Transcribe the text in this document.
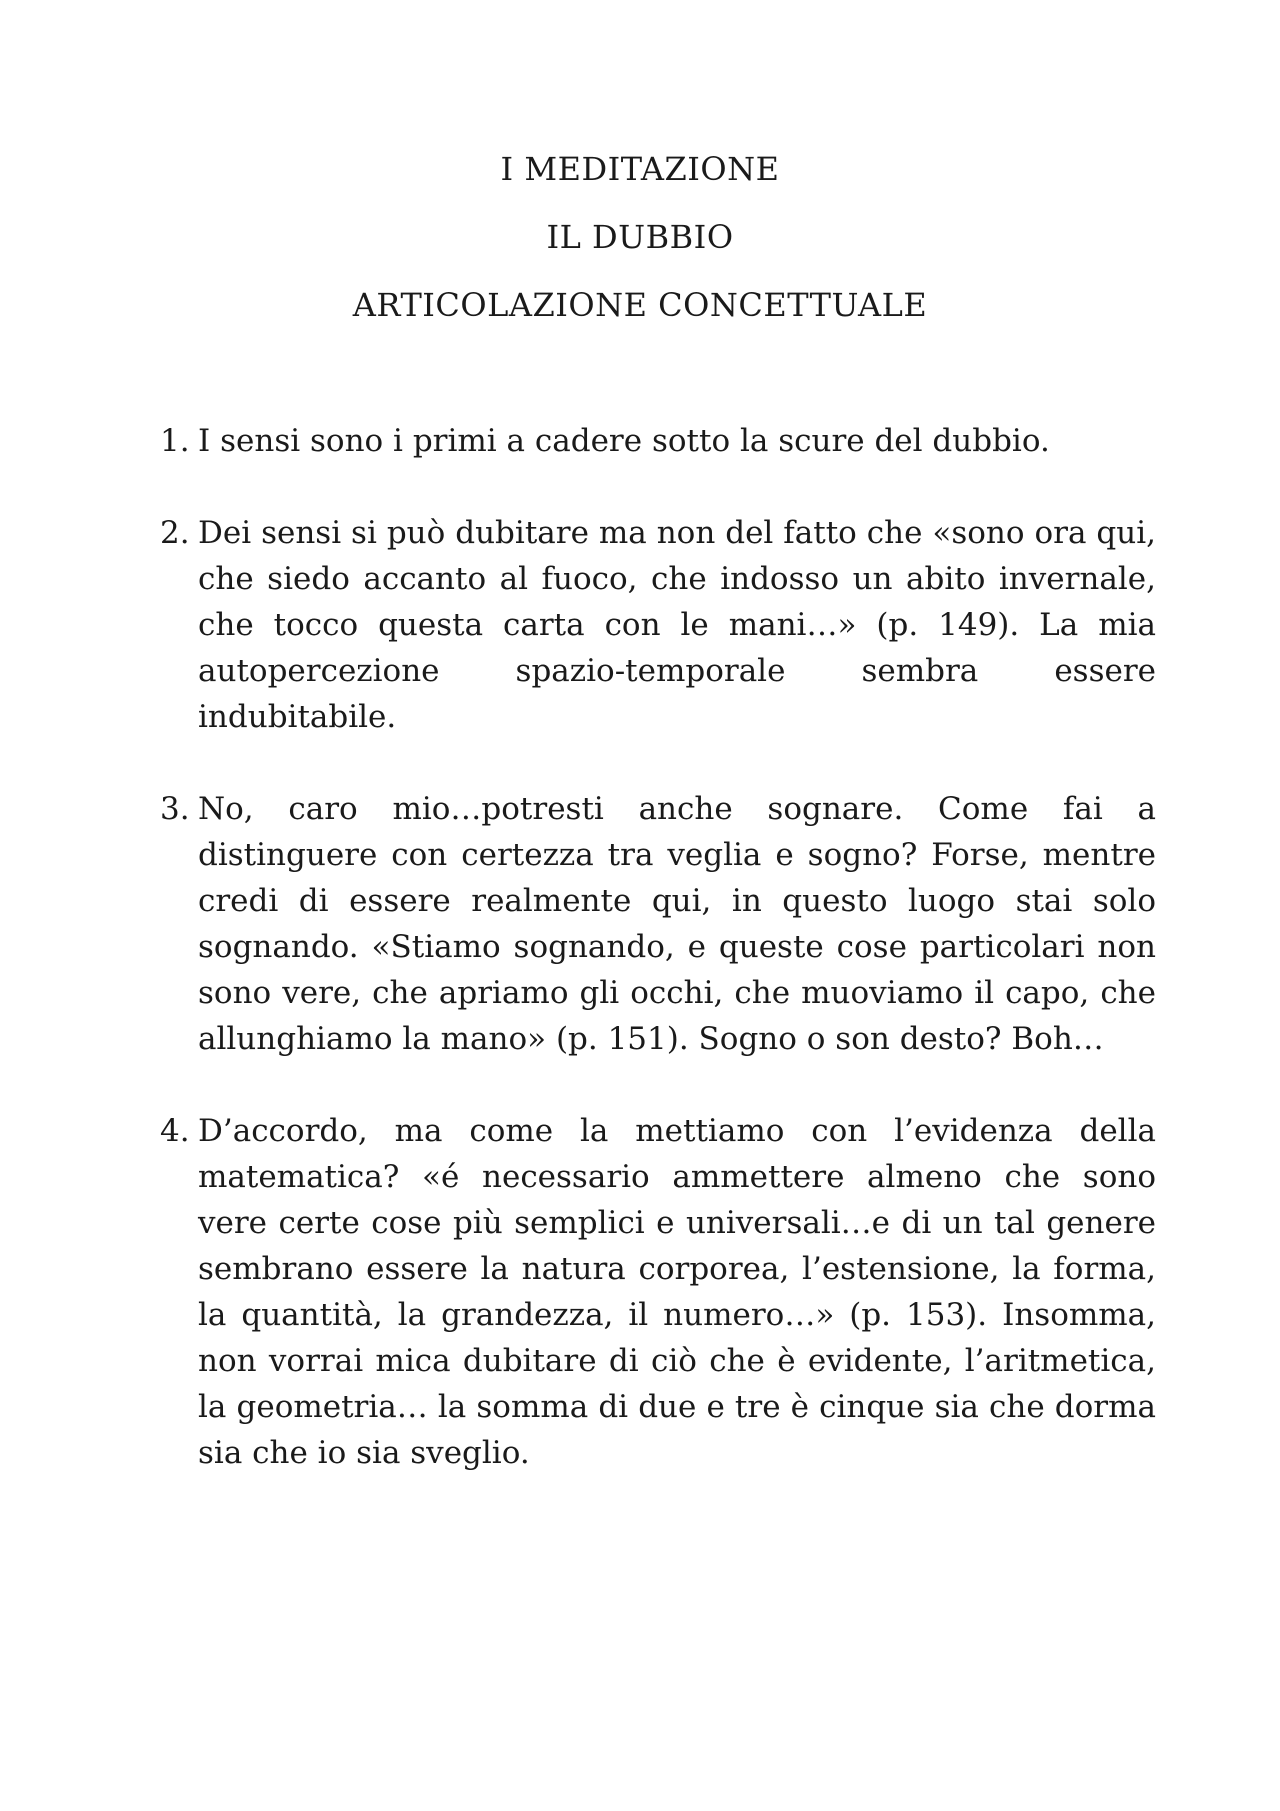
I MEDITAZIONE
IL DUBBIO
ARTICOLAZIONE CONCETTUALE
1. I sensi sono i primi a cadere sotto la scure del dubbio.
2. Dei sensi si può dubitare ma non del fatto che «sono ora qui, che siedo accanto al fuoco, che indosso un abito invernale, che tocco questa carta con le mani…» (p. 149). La mia autopercezione spazio-temporale sembra essere indubitabile.
3. No, caro mio…potresti anche sognare. Come fai a distinguere con certezza tra veglia e sogno? Forse, mentre credi di essere realmente qui, in questo luogo stai solo sognando. «Stiamo sognando, e queste cose particolari non sono vere, che apriamo gli occhi, che muoviamo il capo, che allunghiamo la mano» (p. 151). Sogno o son desto? Boh…
4. D’accordo, ma come la mettiamo con l’evidenza della matematica? «é necessario ammettere almeno che sono vere certe cose più semplici e universali…e di un tal genere sembrano essere la natura corporea, l’estensione, la forma, la quantità, la grandezza, il numero…» (p. 153). Insomma, non vorrai mica dubitare di ciò che è evidente, l’aritmetica, la geometria… la somma di due e tre è cinque sia che dorma sia che io sia sveglio.
